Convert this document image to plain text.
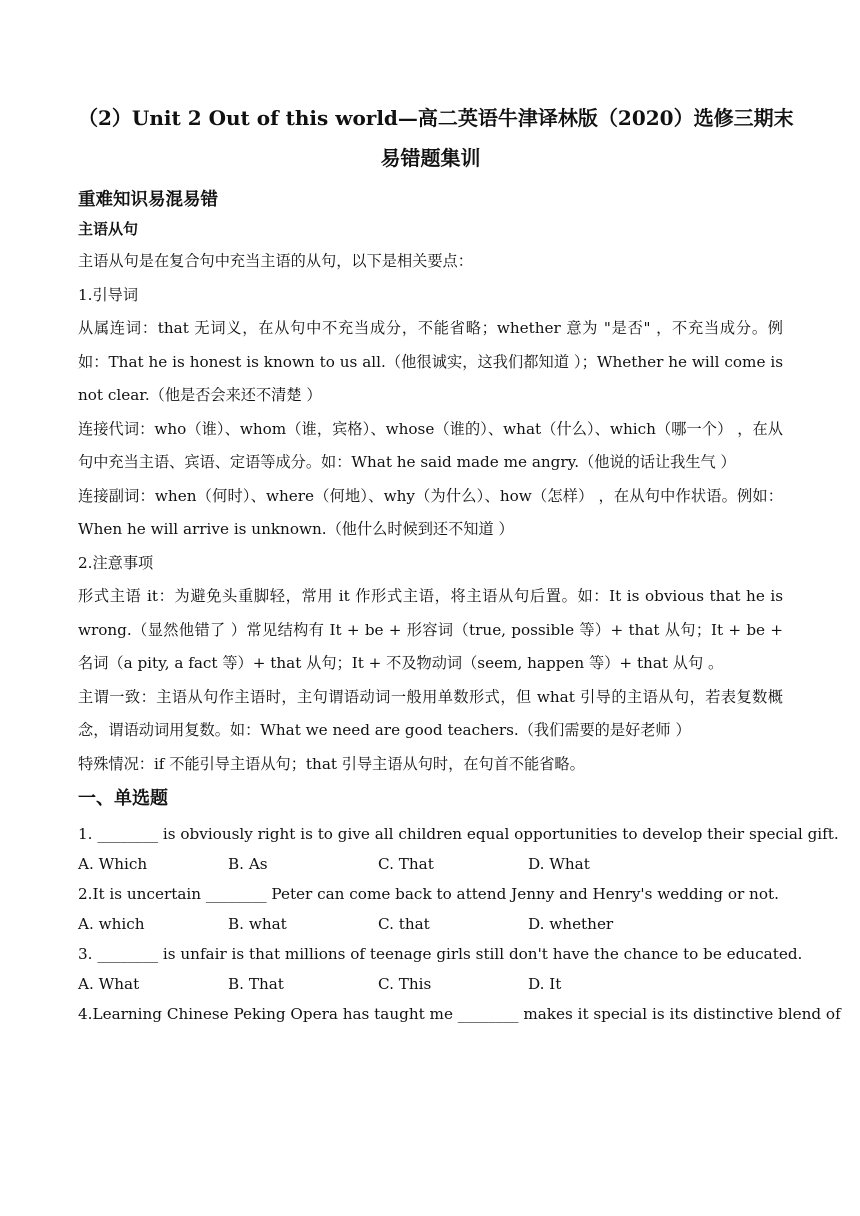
（2）Unit 2 Out of this world—高二英语牛津译林版（2020）选修三期末
易错题集训
重难知识易混易错
主语从句

主语从句是在复合句中充当主语的从句，以下是相关要点：

1.引导词

从属连词：that 无词义，在从句中不充当成分，不能省略；whether 意为 "是否" ，不充当成分。例如：That he is honest is known to us all.（他很诚实，这我们都知道 ）；Whether he will come is not clear.（他是否会来还不清楚 ）

连接代词：who（谁）、whom（谁，宾格）、whose（谁的）、what（什么）、which（哪一个） ，在从句中充当主语、宾语、定语等成分。如：What he said made me angry.（他说的话让我生气 ）

连接副词：when（何时）、where（何地）、why（为什么）、how（怎样） ，在从句中作状语。例如：When he will arrive is unknown.（他什么时候到还不知道 ）

2.注意事项

形式主语 it：为避免头重脚轻，常用 it 作形式主语，将主语从句后置。如：It is obvious that he is wrong.（显然他错了 ）常见结构有 It + be + 形容词（true, possible 等）+ that 从句；It + be + 名词（a pity, a fact 等）+ that 从句；It + 不及物动词（seem, happen 等）+ that 从句 。

主谓一致：主语从句作主语时，主句谓语动词一般用单数形式，但 what 引导的主语从句，若表复数概念，谓语动词用复数。如：What we need are good teachers.（我们需要的是好老师 ）

特殊情况：if 不能引导主语从句；that 引导主语从句时，在句首不能省略。

一、单选题

1. ________ is obviously right is to give all children equal opportunities to develop their special gift.

A. Which	B. As	C. That	D. What

2.It is uncertain ________ Peter can come back to attend Jenny and Henry's wedding or not.

A. which	B. what	C. that	D. whether

3. ________ is unfair is that millions of teenage girls still don't have the chance to be educated.

A. What	B. That	C. This	D. It

4.Learning Chinese Peking Opera has taught me ________ makes it special is its distinctive blend of
